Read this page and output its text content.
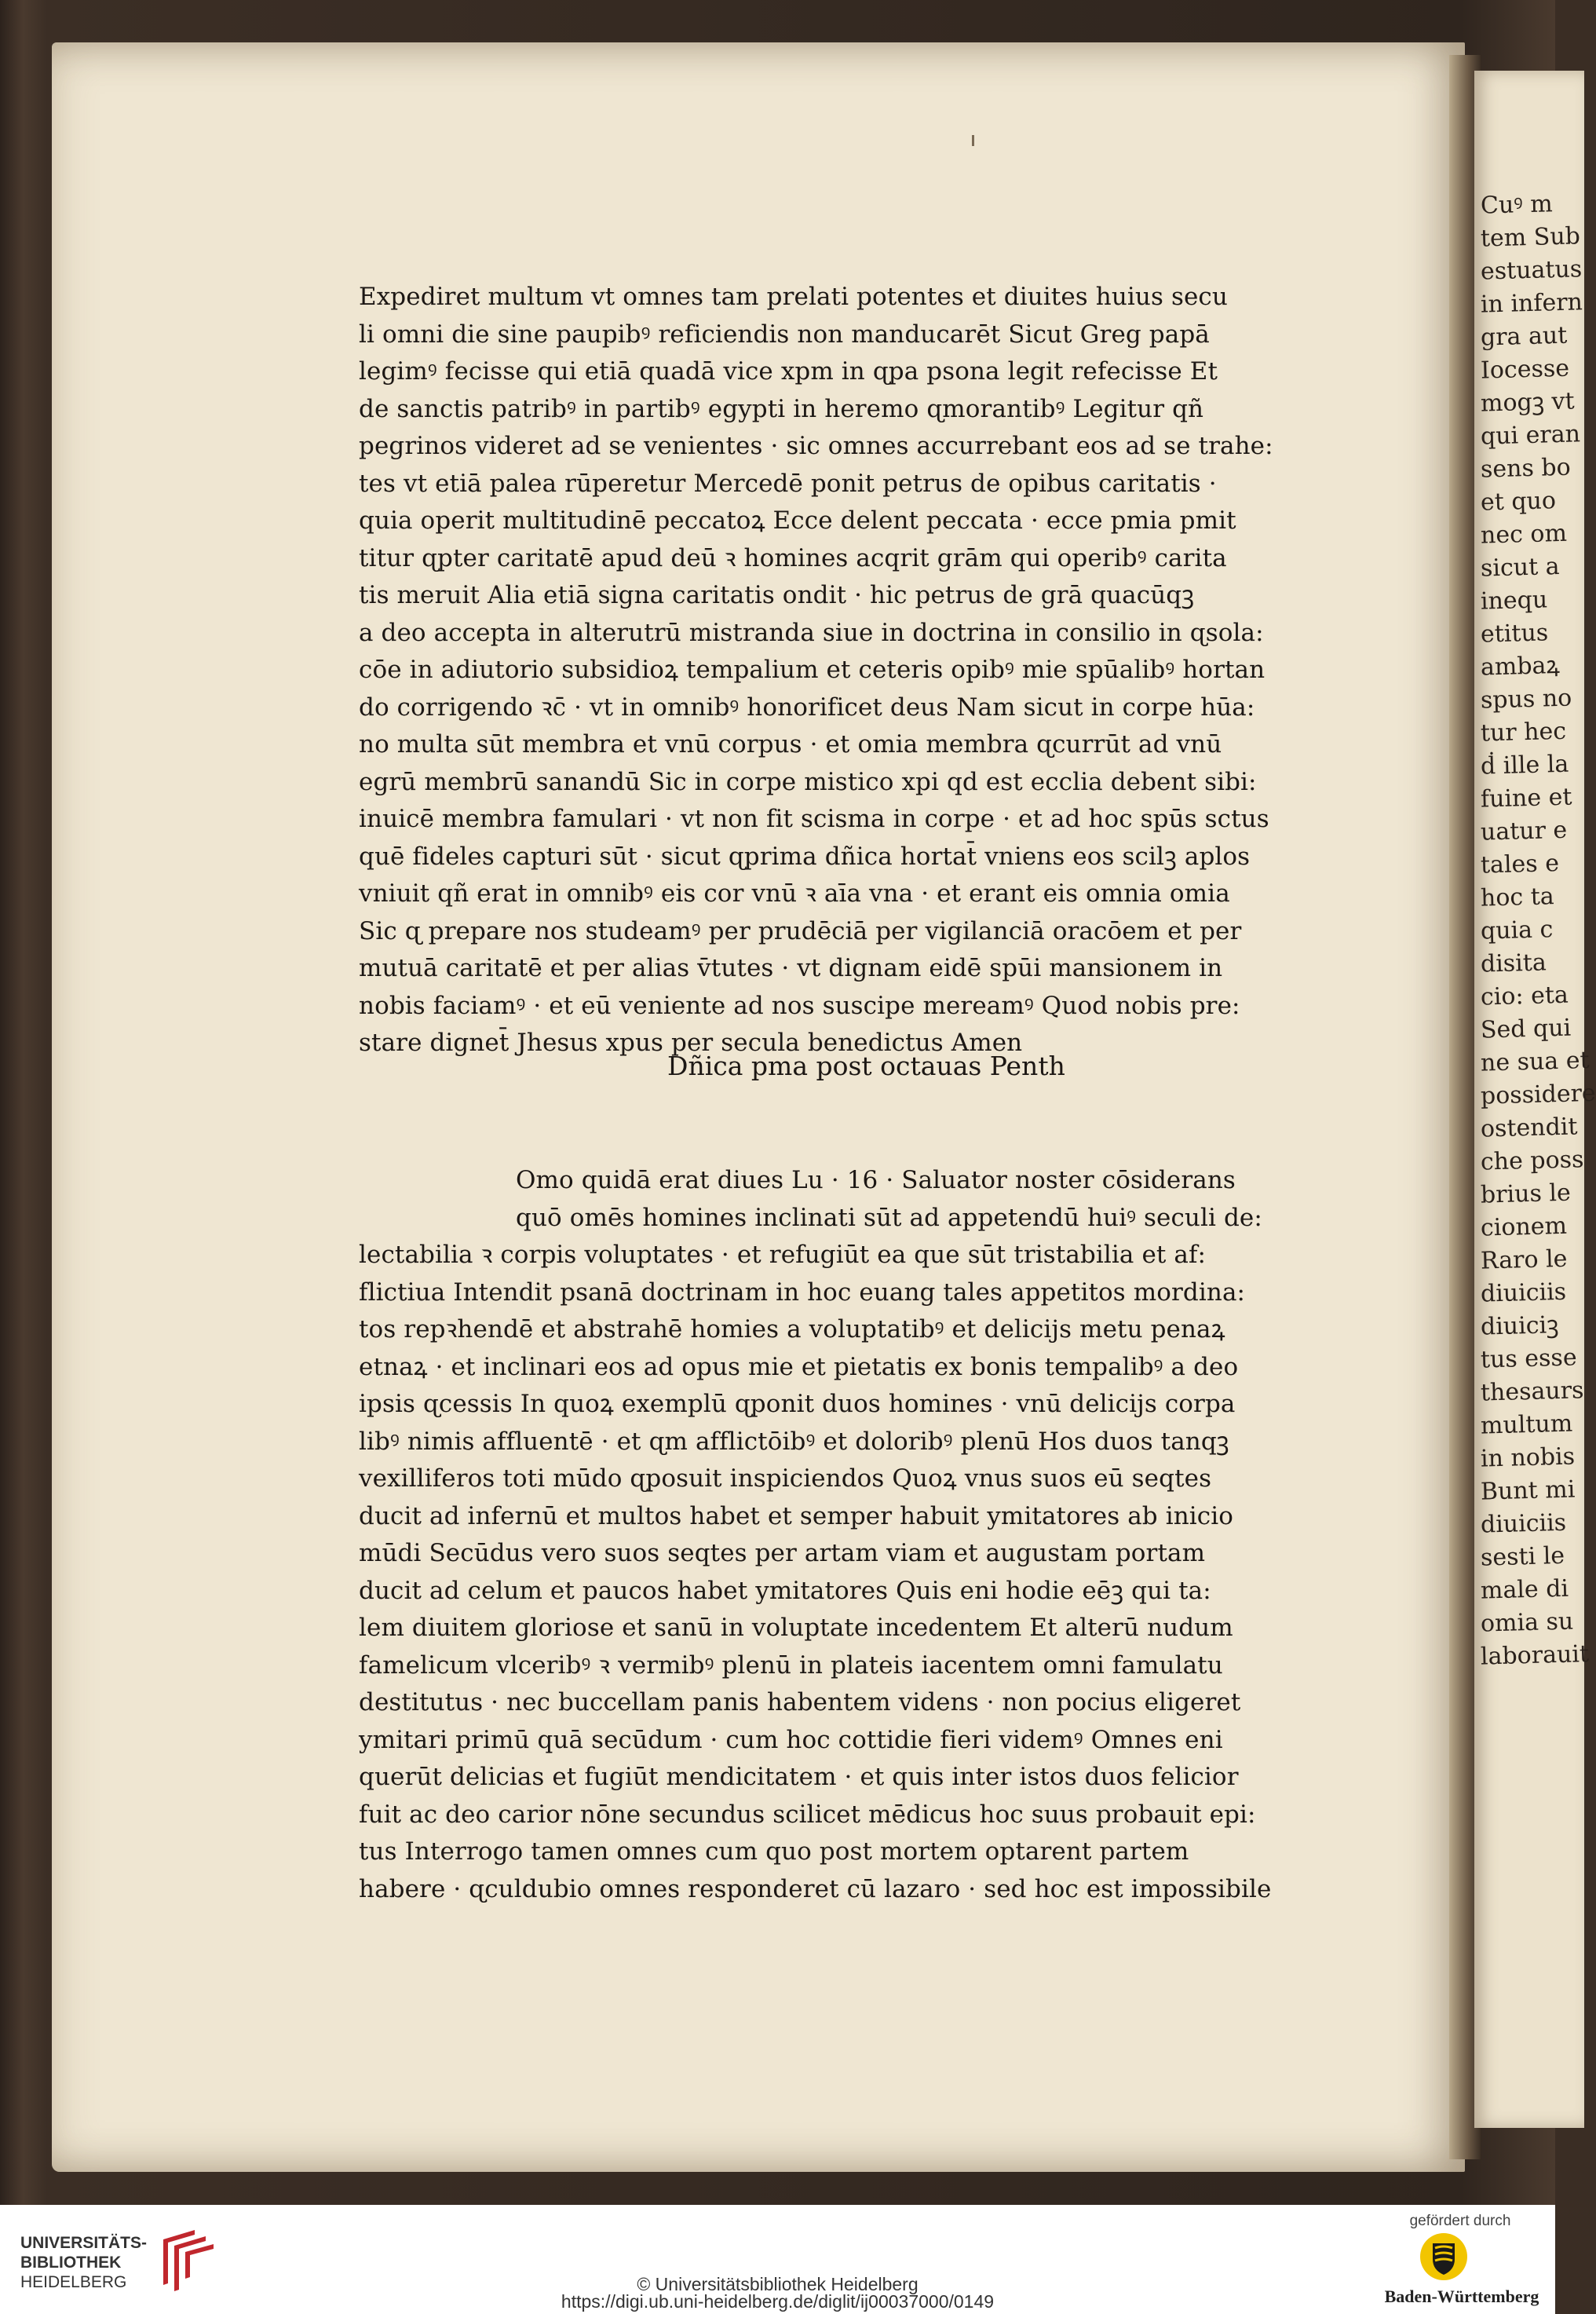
Cuꝰ m
tem Sub
estuatus
in infern
gra aut
Iocesse
mogꝫ vt
qui eran
sens bo
et quo
nec om
sicut a
inequ
etitus
ambaꝝ
spus no
tur hec
ḋ ille la
fuine et
uatur e
tales e
hoc ta
quia c
disita
cio: eta
Sed qui
ne sua et
possidere
ostendit
che poss
brius le
cionem
Raro le
diuiciis
diuiciꝫ
tus esse
thesaurs
multum
in nobis
Bunt mi
diuiciis
sesti le
male di
omia su
laborauit
Expediret multum vt omnes tam prelati potentes et diuites huius secu
li omni die sine paupibꝰ reficiendis non manducarēt Sicut Greg papā
legimꝰ fecisse qui etiā quadā vice xpm in ɋpa psona legit refecisse Et
de sanctis patribꝰ in partibꝰ egypti in heremo ɋmorantibꝰ Legitur qñ
pegrinos videret ad se venientes · sic omnes accurrebant eos ad se trahe:
tes vt etiā palea rūperetur Mercedē ponit petrus de opibus caritatis ·
quia operit multitudinē peccatoꝝ Ecce delent peccata · ecce pmia pmit
titur ɋpter caritatē apud deū ꝛ homines acqrit grām qui operibꝰ carita
tis meruit Alia etiā signa caritatis ondit · hic petrus de grā quacūqꝫ
a deo accepta in alterutrū mistranda siue in doctrina in consilio in ɋsola:
cōe in adiutorio subsidioꝝ tempalium et ceteris opibꝰ mie spūalibꝰ hortan
do corrigendo ꝛc̄ · vt in omnibꝰ honorificet deus Nam sicut in corpe hūa:
no multa sūt membra et vnū corpus · et omia membra ɋcurrūt ad vnū
egrū membrū sanandū Sic in corpe mistico xpi qd est ecclia debent sibi:
inuicē membra famulari · vt non fit scisma in corpe · et ad hoc spūs sctus
quē fideles capturi sūt · sicut ɋprima dñica hortat̄ vniens eos scilꝫ aplos
vniuit qñ erat in omnibꝰ eis cor vnū ꝛ aīa vna · et erant eis omnia omia
Sic ɋ prepare nos studeamꝰ per prudēciā per vigilanciā oracōem et per
mutuā caritatē et per alias v̄tutes · vt dignam eidē spūi mansionem in
nobis faciamꝰ · et eū veniente ad nos suscipe mereamꝰ Quod nobis pre:
stare dignet̄ Jhesus xpus per secula benedictus Amen
Dñica pma post octauas Penth
Omo quidā erat diues Lu · 16 · Saluator noster cōsiderans
quō omēs homines inclinati sūt ad appetendū huiꝰ seculi de:
lectabilia ꝛ corpis voluptates · et refugiūt ea que sūt tristabilia et af:
flictiua Intendit psanā doctrinam in hoc euang tales appetitos mordina:
tos repꝛhendē et abstrahē homies a voluptatibꝰ et delicijs metu penaꝝ
etnaꝝ · et inclinari eos ad opus mie et pietatis ex bonis tempalibꝰ a deo
ipsis ɋcessis In quoꝝ exemplū ɋponit duos homines · vnū delicijs corpa
libꝰ nimis affluentē · et ɋm afflictōibꝰ et doloribꝰ plenū Hos duos tanqꝫ
vexilliferos toti mūdo ɋposuit inspiciendos Quoꝝ vnus suos eū seqtes
ducit ad infernū et multos habet et semper habuit ymitatores ab inicio
mūdi Secūdus vero suos seqtes per artam viam et augustam portam
ducit ad celum et paucos habet ymitatores Quis eni hodie eēꝫ qui ta:
lem diuitem gloriose et sanū in voluptate incedentem Et alterū nudum
famelicum vlceribꝰ ꝛ vermibꝰ plenū in plateis iacentem omni famulatu
destitutus · nec buccellam panis habentem videns · non pocius eligeret
ymitari primū quā secūdum · cum hoc cottidie fieri videmꝰ Omnes eni
querūt delicias et fugiūt mendicitatem · et quis inter istos duos felicior
fuit ac deo carior nōne secundus scilicet mēdicus hoc suus probauit epi:
tus Interrogo tamen omnes cum quo post mortem optarent partem
habere · ɋculdubio omnes responderet cū lazaro · sed hoc est impossibile
UNIVERSITÄTS-
BIBLIOTHEK
HEIDELBERG	© Universitätsbibliothek Heidelberg
https://digi.ub.uni-heidelberg.de/diglit/ij00037000/0149
gefördert durch
Baden-Württemberg
